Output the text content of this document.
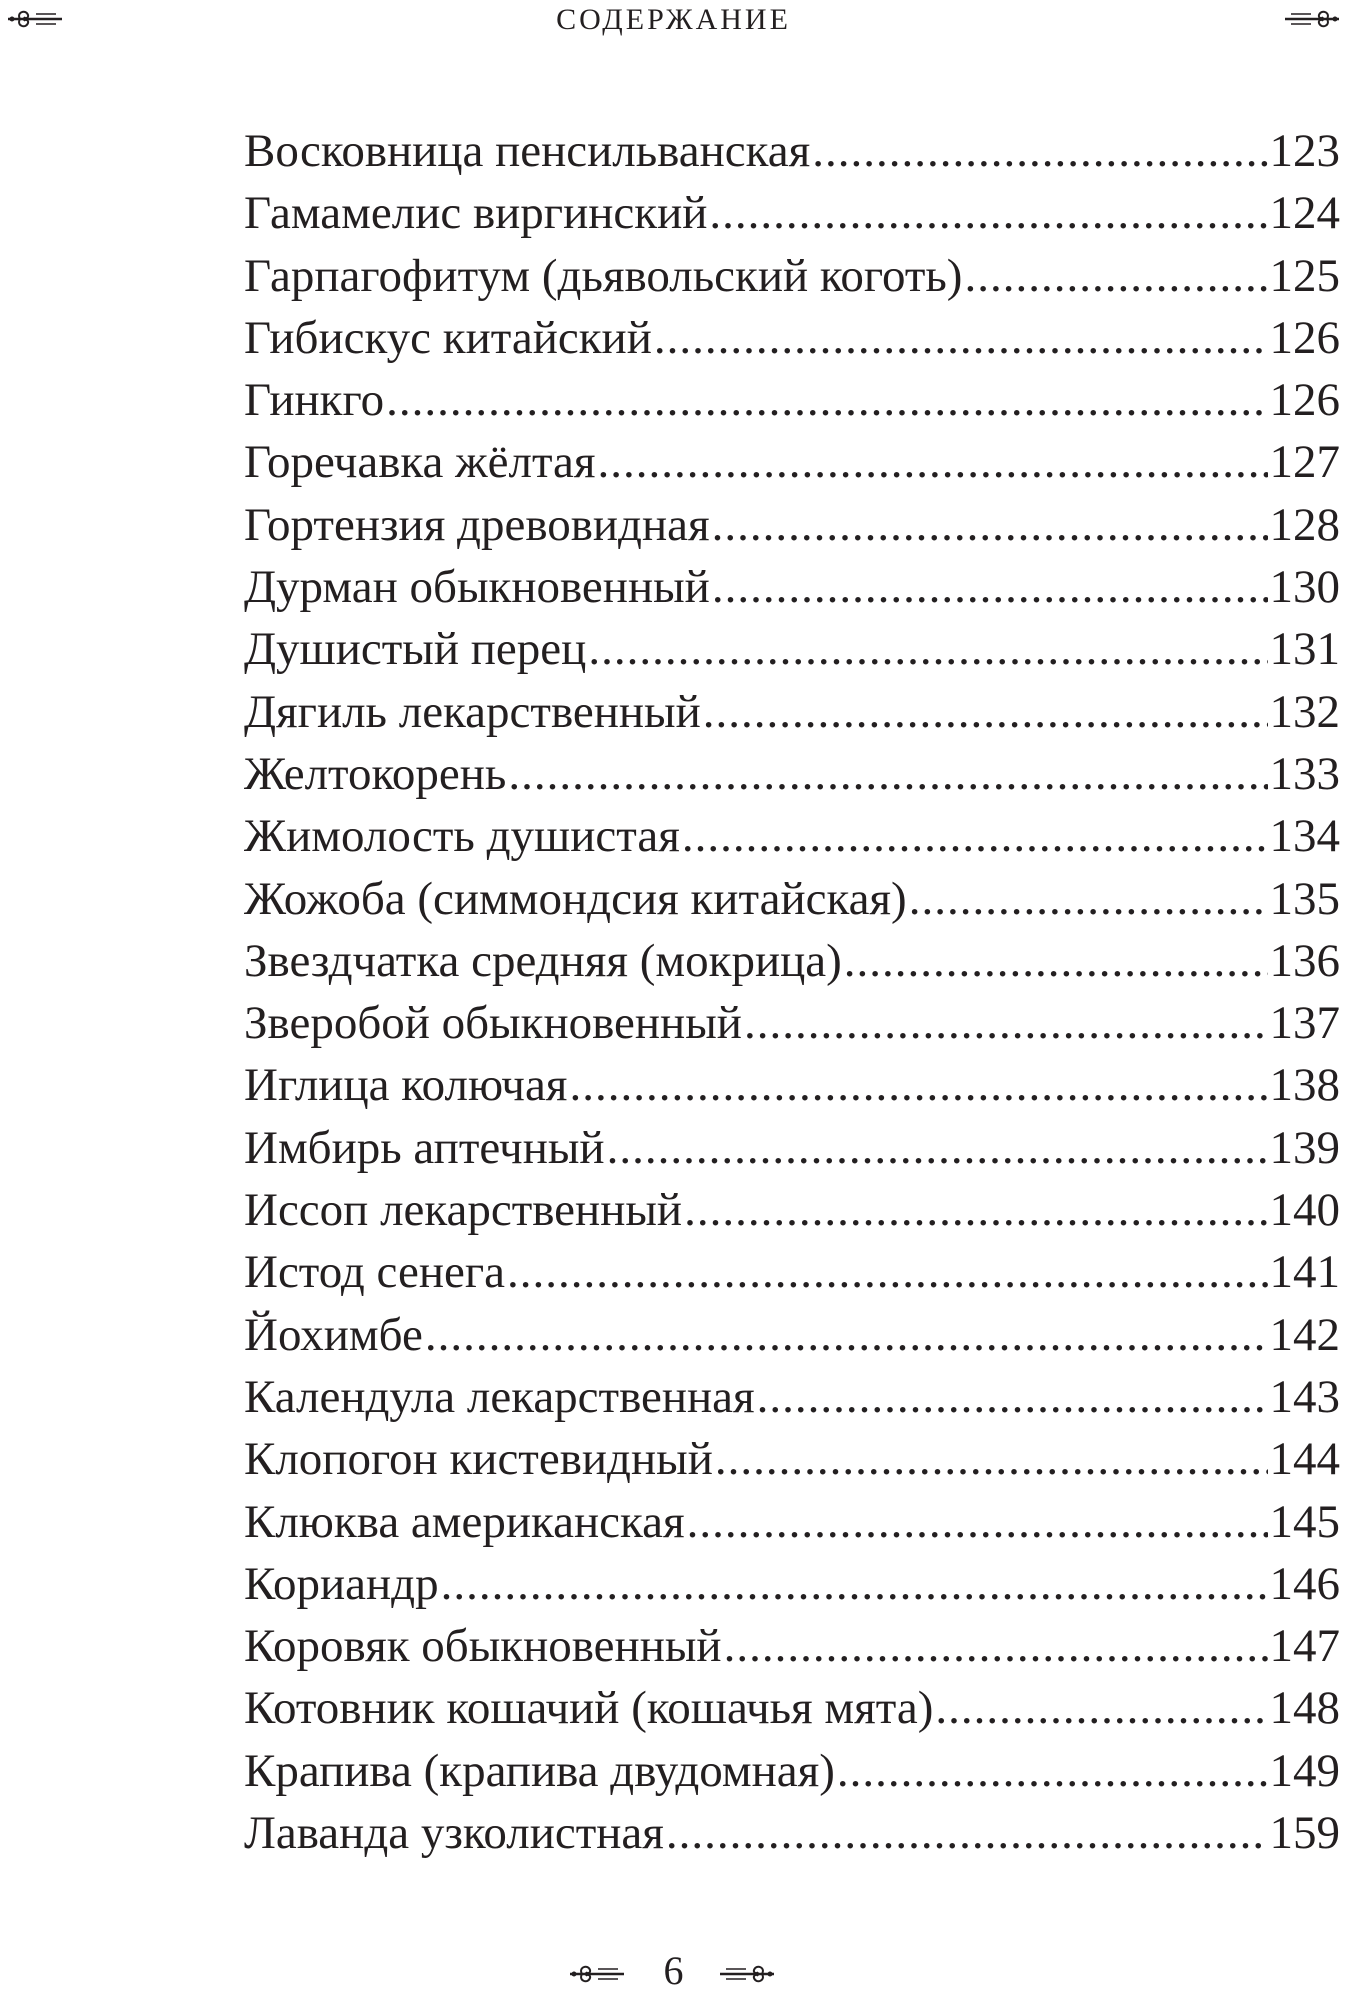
СОДЕРЖАНИЕ
Восковница пенсильванская .....	123
Гамамелис виргинский .....	124
Гарпагофитум (дьявольский коготь) .....	125
Гибискус китайский .....	126
Гинкго .....	126
Горечавка жёлтая .....	127
Гортензия древовидная .....	128
Дурман обыкновенный .....	130
Душистый перец .....	131
Дягиль лекарственный .....	132
Желтокорень .....	133
Жимолость душистая .....	134
Жожоба (симмондсия китайская) .....	135
Звездчатка средняя (мокрица) .....	136
Зверобой обыкновенный .....	137
Иглица колючая .....	138
Имбирь аптечный .....	139
Иссоп лекарственный .....	140
Истод сенега .....	141
Йохимбе .....	142
Календула лекарственная .....	143
Клопогон кистевидный .....	144
Клюква американская .....	145
Кориандр .....	146
Коровяк обыкновенный .....	147
Котовник кошачий (кошачья мята) .....	148
Крапива (крапива двудомная) .....	149
Лаванда узколистная .....	159
6
